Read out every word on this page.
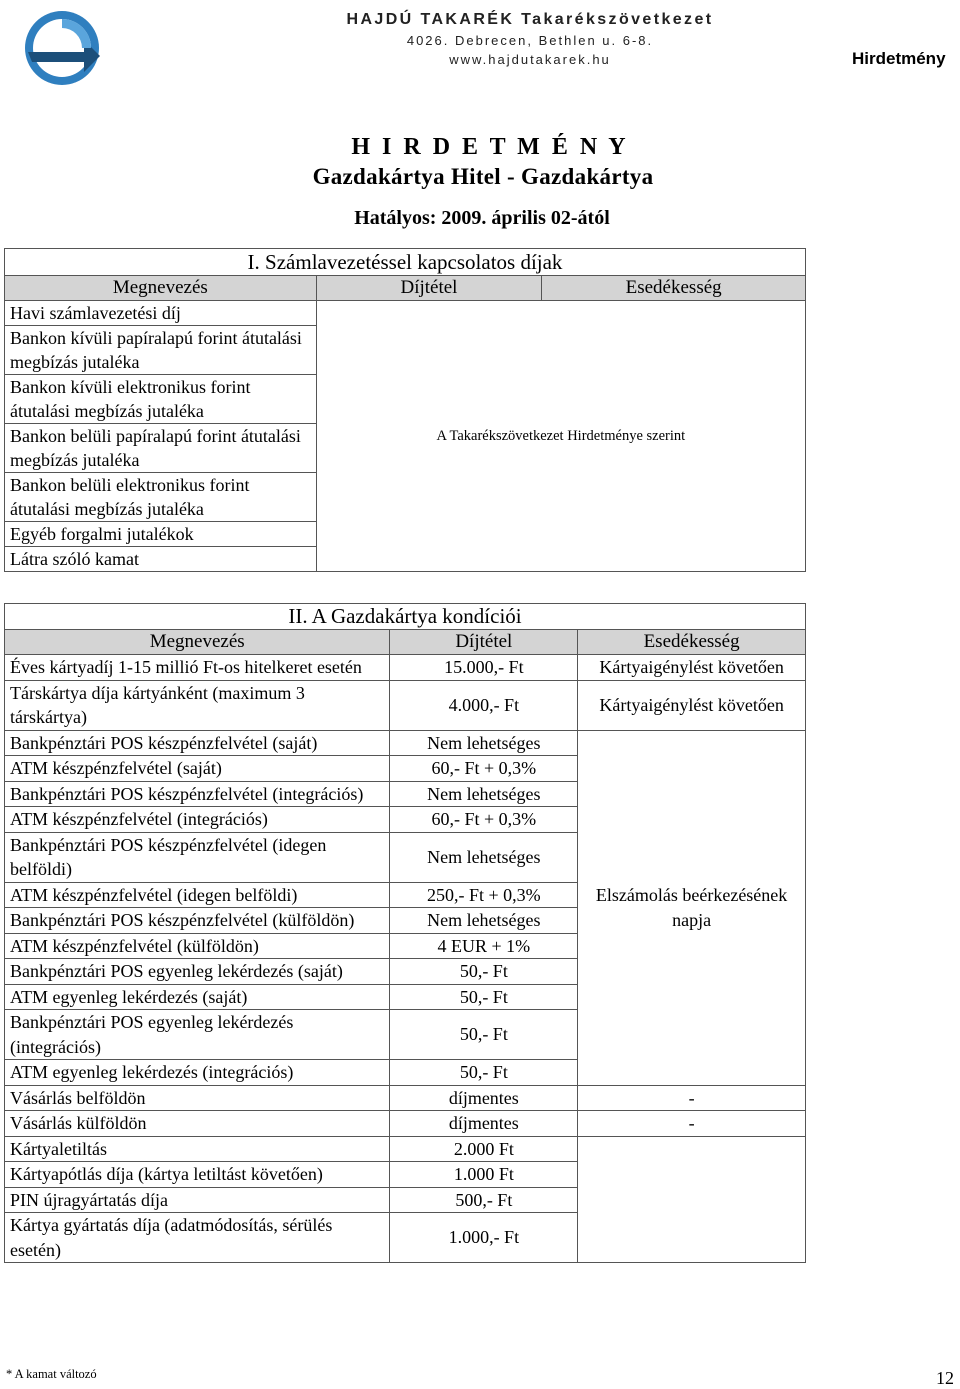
HAJDÚ TAKARÉK Takarékszövetkezet
4026. Debrecen, Bethlen u. 6-8.
www.hajdutakarek.hu	Hirdetmény
H I R D E T M É N Y
Gazdakártya Hitel - Gazdakártya
Hatályos: 2009. április 02-ától
I. Számlavezetéssel kapcsolatos díjak		
Megnevezés	Díjtétel	Esedékesség
Havi számlavezetési díj	A Takarékszövetkezet Hirdetménye szerint	
Bankon kívüli papíralapú forint átutalási megbízás jutaléka		
Bankon kívüli elektronikus forint átutalási megbízás jutaléka		
Bankon belüli papíralapú forint átutalási megbízás jutaléka		
Bankon belüli elektronikus forint átutalási megbízás jutaléka		
Egyéb forgalmi jutalékok		
Látra szóló kamat		
II. A Gazdakártya kondíciói		
Megnevezés	Díjtétel	Esedékesség
Éves kártyadíj 1-15 millió Ft-os hitelkeret esetén	15.000,- Ft	Kártyaigénylést követően
Társkártya díja kártyánként (maximum 3 társkártya)	4.000,- Ft	Kártyaigénylést követően
Bankpénztári POS készpénzfelvétel (saját)	Nem lehetséges	Elszámolás beérkezésének napja
ATM készpénzfelvétel (saját)	60,- Ft + 0,3%	
Bankpénztári POS készpénzfelvétel (integrációs)	Nem lehetséges	
ATM készpénzfelvétel (integrációs)	60,- Ft + 0,3%	
Bankpénztári POS készpénzfelvétel (idegen belföldi)	Nem lehetséges	
ATM készpénzfelvétel (idegen belföldi)	250,- Ft + 0,3%	
Bankpénztári POS készpénzfelvétel (külföldön)	Nem lehetséges	
ATM készpénzfelvétel (külföldön)	4 EUR + 1%	
Bankpénztári POS egyenleg lekérdezés (saját)	50,- Ft	
ATM egyenleg lekérdezés (saját)	50,- Ft	
Bankpénztári POS egyenleg lekérdezés (integrációs)	50,- Ft	
ATM egyenleg lekérdezés (integrációs)	50,- Ft	
Vásárlás belföldön	díjmentes	-
Vásárlás külföldön	díjmentes	-
Kártyaletiltás	2.000 Ft	
Kártyapótlás díja (kártya letiltást követően)	1.000 Ft	
PIN újragyártatás díja	500,- Ft	
Kártya gyártatás díja (adatmódosítás, sérülés esetén)	1.000,- Ft	
* A kamat változó	12
